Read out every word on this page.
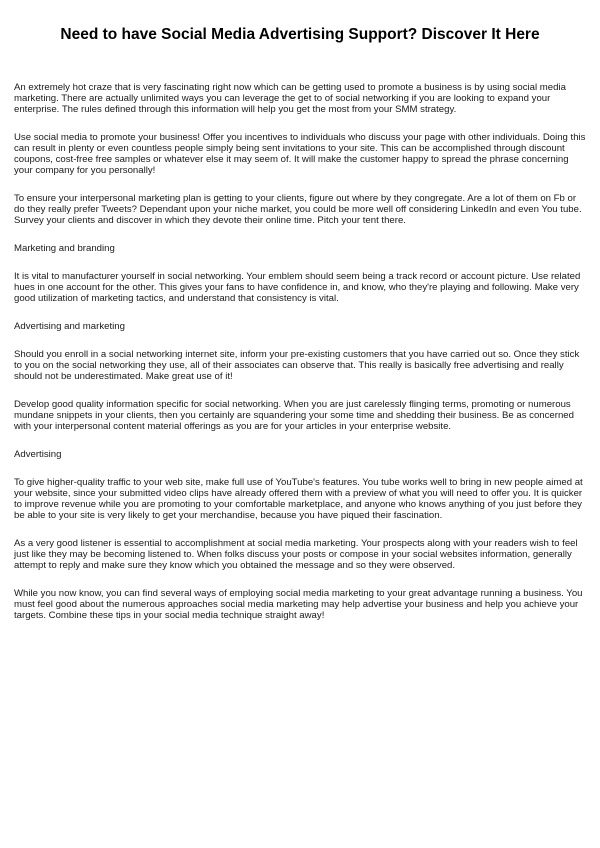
Need to have Social Media Advertising Support? Discover It Here

An extremely hot craze that is very fascinating right now which can be getting used to promote a business is by using social media marketing. There are actually unlimited ways you can leverage the get to of social networking if you are looking to expand your enterprise. The rules defined through this information will help you get the most from your SMM strategy.

Use social media to promote your business! Offer you incentives to individuals who discuss your page with other individuals. Doing this can result in plenty or even countless people simply being sent invitations to your site. This can be accomplished through discount coupons, cost-free free samples or whatever else it may seem of. It will make the customer happy to spread the phrase concerning your company for you personally!

To ensure your interpersonal marketing plan is getting to your clients, figure out where by they congregate. Are a lot of them on Fb or do they really prefer Tweets? Dependant upon your niche market, you could be more well off considering LinkedIn and even You tube. Survey your clients and discover in which they devote their online time. Pitch your tent there.

Marketing and branding

It is vital to manufacturer yourself in social networking. Your emblem should seem being a track record or account picture. Use related hues in one account for the other. This gives your fans to have confidence in, and know, who they're playing and following. Make very good utilization of marketing tactics, and understand that consistency is vital.

Advertising and marketing

Should you enroll in a social networking internet site, inform your pre-existing customers that you have carried out so. Once they stick to you on the social networking they use, all of their associates can observe that. This really is basically free advertising and really should not be underestimated. Make great use of it!

Develop good quality information specific for social networking. When you are just carelessly flinging terms, promoting or numerous mundane snippets in your clients, then you certainly are squandering your some time and shedding their business. Be as concerned with your interpersonal content material offerings as you are for your articles in your enterprise website.

Advertising

To give higher-quality traffic to your web site, make full use of YouTube's features. You tube works well to bring in new people aimed at your website, since your submitted video clips have already offered them with a preview of what you will need to offer you. It is quicker to improve revenue while you are promoting to your comfortable marketplace, and anyone who knows anything of you just before they be able to your site is very likely to get your merchandise, because you have piqued their fascination.

As a very good listener is essential to accomplishment at social media marketing. Your prospects along with your readers wish to feel just like they may be becoming listened to. When folks discuss your posts or compose in your social websites information, generally attempt to reply and make sure they know which you obtained the message and so they were observed.

While you now know, you can find several ways of employing social media marketing to your great advantage running a business. You must feel good about the numerous approaches social media marketing may help advertise your business and help you achieve your targets. Combine these tips in your social media technique straight away!
